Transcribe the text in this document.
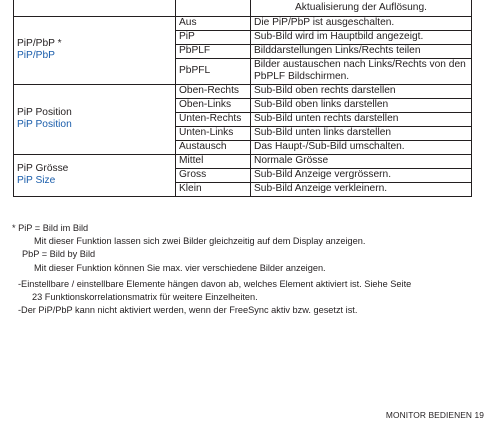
		Aktualisierung der Auflösung.

PiP/PbP *
PiP/PbP	Aus	Die PiP/PbP ist ausgeschalten.
	PiP	Sub-Bild wird im Hauptbild angezeigt.
	PbPLF	Bilddarstellungen Links/Rechts teilen
	PbPFL	Bilder austauschen nach Links/Rechts von den PbPLF Bildschirmen.

PiP Position
PiP Position	Oben-Rechts	Sub-Bild oben rechts darstellen
	Oben-Links	Sub-Bild oben links darstellen
	Unten-Rechts	Sub-Bild unten rechts darstellen
	Unten-Links	Sub-Bild unten links darstellen
	Austausch	Das Haupt-/Sub-Bild umschalten.

PiP Grösse
PiP Size	Mittel	Normale Grösse
	Gross	Sub-Bild Anzeige vergrössern.
	Klein	Sub-Bild Anzeige verkleinern.
* PiP = Bild im Bild
Mit dieser Funktion lassen sich zwei Bilder gleichzeitig auf dem Display anzeigen.
PbP = Bild by Bild
Mit dieser Funktion können Sie max. vier verschiedene Bilder anzeigen.
-Einstellbare / einstellbare Elemente hängen davon ab, welches Element aktiviert ist. Siehe Seite
23 Funktionskorrelationsmatrix für weitere Einzelheiten.
-Der PiP/PbP kann nicht aktiviert werden, wenn der FreeSync aktiv bzw. gesetzt ist.
MONITOR BEDIENEN 19
